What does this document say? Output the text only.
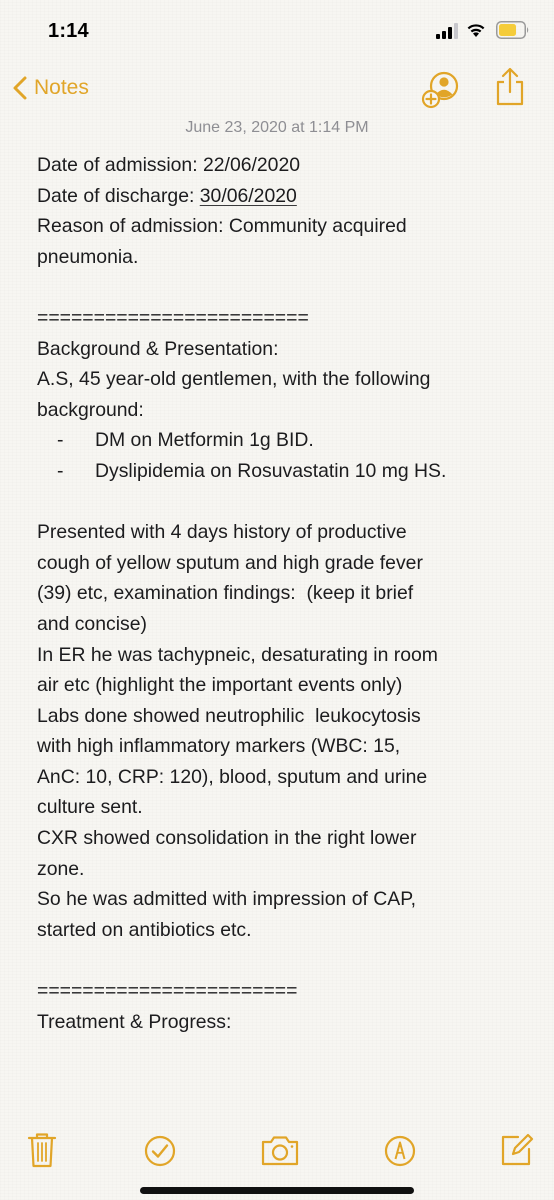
1:14
Notes
June 23, 2020 at 1:14 PM
Date of admission: 22/06/2020
Date of discharge: 30/06/2020
Reason of admission: Community acquired
pneumonia.
========================
Background & Presentation:
A.S, 45 year-old gentlemen, with the following
background:
- DM on Metformin 1g BID.
- Dyslipidemia on Rosuvastatin 10 mg HS.
Presented with 4 days history of productive
cough of yellow sputum and high grade fever
(39) etc, examination findings:  (keep it brief
and concise)
In ER he was tachypneic, desaturating in room
air etc (highlight the important events only)
Labs done showed neutrophilic  leukocytosis
with high inflammatory markers (WBC: 15,
AnC: 10, CRP: 120), blood, sputum and urine
culture sent.
CXR showed consolidation in the right lower
zone.
So he was admitted with impression of CAP,
started on antibiotics etc.
=======================
Treatment & Progress:
